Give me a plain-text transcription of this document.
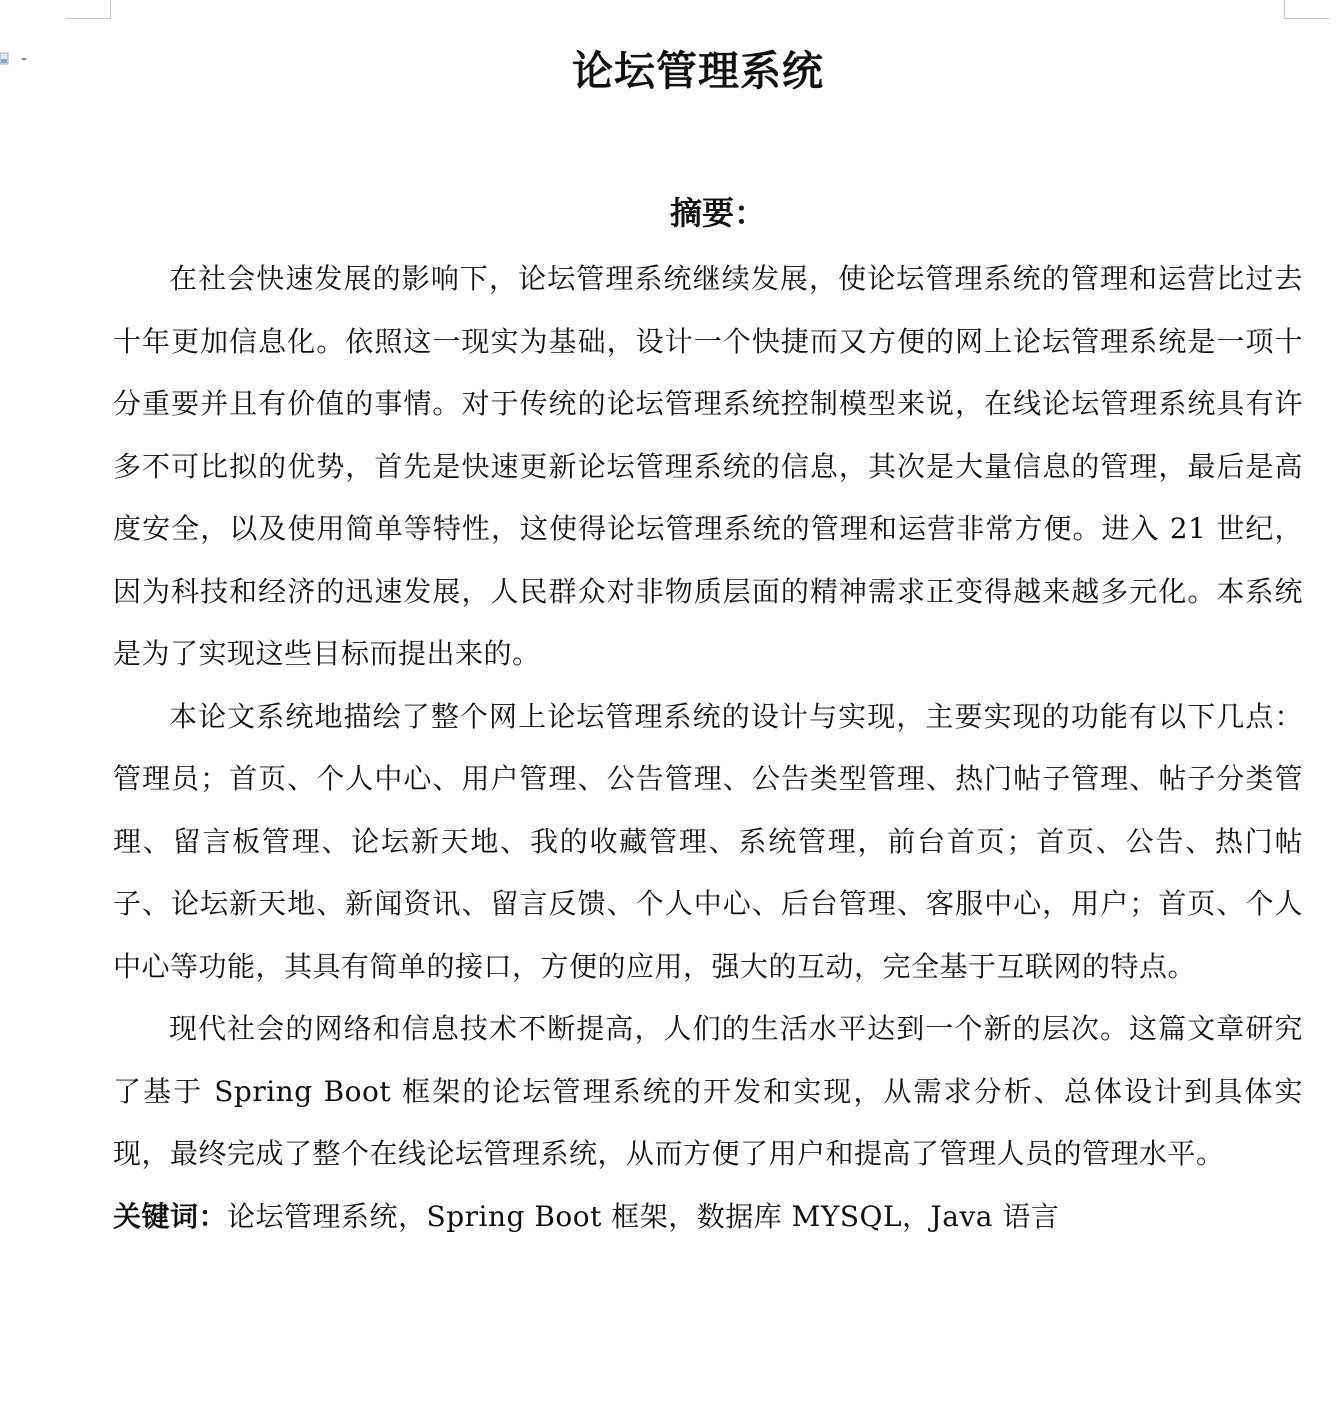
论坛管理系统
摘要：

在社会快速发展的影响下，论坛管理系统继续发展，使论坛管理系统的管理和运营比过去十年更加信息化。依照这一现实为基础，设计一个快捷而又方便的网上论坛管理系统是一项十分重要并且有价值的事情。对于传统的论坛管理系统控制模型来说，在线论坛管理系统具有许多不可比拟的优势，首先是快速更新论坛管理系统的信息，其次是大量信息的管理，最后是高度安全，以及使用简单等特性，这使得论坛管理系统的管理和运营非常方便。进入 21 世纪，因为科技和经济的迅速发展，人民群众对非物质层面的精神需求正变得越来越多元化。本系统是为了实现这些目标而提出来的。

本论文系统地描绘了整个网上论坛管理系统的设计与实现，主要实现的功能有以下几点：管理员；首页、个人中心、用户管理、公告管理、公告类型管理、热门帖子管理、帖子分类管理、留言板管理、论坛新天地、我的收藏管理、系统管理，前台首页；首页、公告、热门帖子、论坛新天地、新闻资讯、留言反馈、个人中心、后台管理、客服中心，用户；首页、个人中心等功能，其具有简单的接口，方便的应用，强大的互动，完全基于互联网的特点。

现代社会的网络和信息技术不断提高，人们的生活水平达到一个新的层次。这篇文章研究了基于 Spring Boot 框架的论坛管理系统的开发和实现，从需求分析、总体设计到具体实现，最终完成了整个在线论坛管理系统，从而方便了用户和提高了管理人员的管理水平。

关键词：论坛管理系统，Spring Boot 框架，数据库 MYSQL，Java 语言
